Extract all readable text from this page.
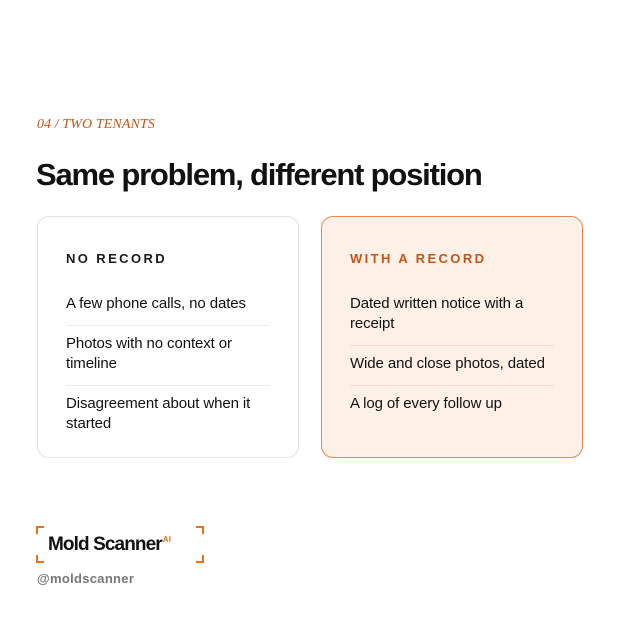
04 / TWO TENANTS
Same problem, different position
NO RECORD
A few phone calls, no dates
Photos with no context or timeline
Disagreement about when it started
WITH A RECORD
Dated written notice with a receipt
Wide and close photos, dated
A log of every follow up
Mold Scanner$^{AI}$
@moldscanner
